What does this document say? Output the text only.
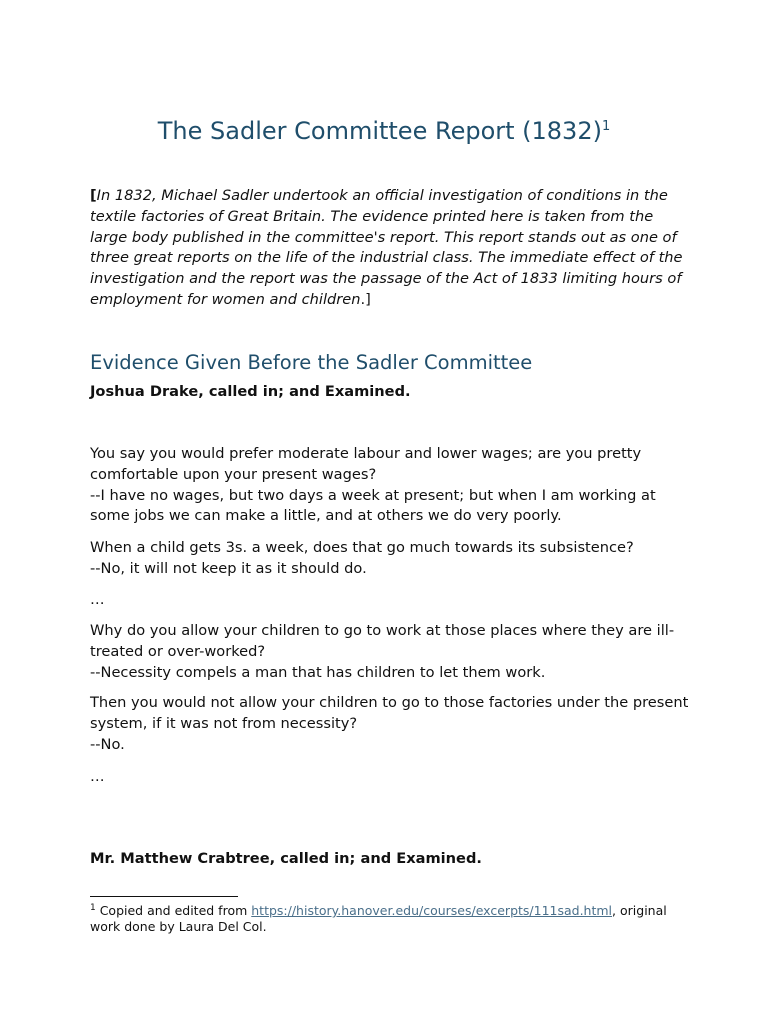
The Sadler Committee Report $(1832)^1$

[In 1832, Michael Sadler undertook an official investigation of conditions in the textile factories of Great Britain. The evidence printed here is taken from the large body published in the committee's report. This report stands out as one of three great reports on the life of the industrial class. The immediate effect of the investigation and the report was the passage of the Act of 1833 limiting hours of employment for women and children.]

Evidence Given Before the Sadler Committee

Joshua Drake, called in; and Examined.

You say you would prefer moderate labour and lower wages; are you pretty comfortable upon your present wages?
--I have no wages, but two days a week at present; but when I am working at some jobs we can make a little, and at others we do very poorly.

When a child gets 3s. a week, does that go much towards its subsistence?
--No, it will not keep it as it should do.

…

Why do you allow your children to go to work at those places where they are ill-treated or over-worked?
--Necessity compels a man that has children to let them work.

Then you would not allow your children to go to those factories under the present system, if it was not from necessity?
--No.

…

Mr. Matthew Crabtree, called in; and Examined.

$^1$ Copied and edited from https://history.hanover.edu/courses/excerpts/111sad.html, original work done by Laura Del Col.
